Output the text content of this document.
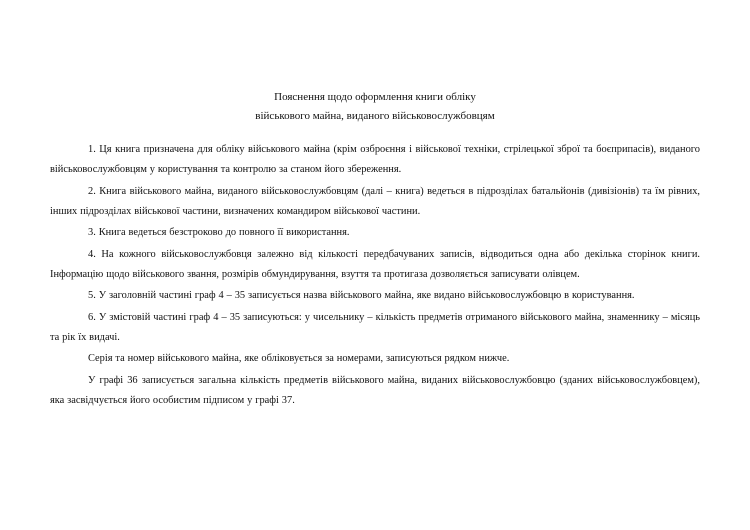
Пояснення щодо оформлення книги обліку
військового майна, виданого військовослужбовцям

1. Ця книга призначена для обліку військового майна (крім озброєння і військової техніки, стрілецької зброї та боєприпасів), виданого військовослужбовцям у користування та контролю за станом його збереження.

2. Книга військового майна, виданого військовослужбовцям (далі – книга) ведеться в підрозділах батальйонів (дивізіонів) та їм рівних, інших підрозділах військової частини, визначених командиром військової частини.

3. Книга ведеться безстроково до повного її використання.

4. На кожного військовослужбовця залежно від кількості передбачуваних записів, відводиться одна або декілька сторінок книги. Інформацію щодо військового звання, розмірів обмундирування, взуття та протигаза дозволяється записувати олівцем.

5. У заголовній частині граф 4 – 35 записується назва військового майна, яке видано військовослужбовцю в користування.

6. У змістовій частині граф 4 – 35 записуються: у чисельнику – кількість предметів отриманого військового майна, знаменнику – місяць та рік їх видачі.

Серія та номер військового майна, яке обліковується за номерами, записуються рядком нижче.

У графі 36 записується загальна кількість предметів військового майна, виданих військовослужбовцю (зданих військовослужбовцем), яка засвідчується його особистим підписом у графі 37.
